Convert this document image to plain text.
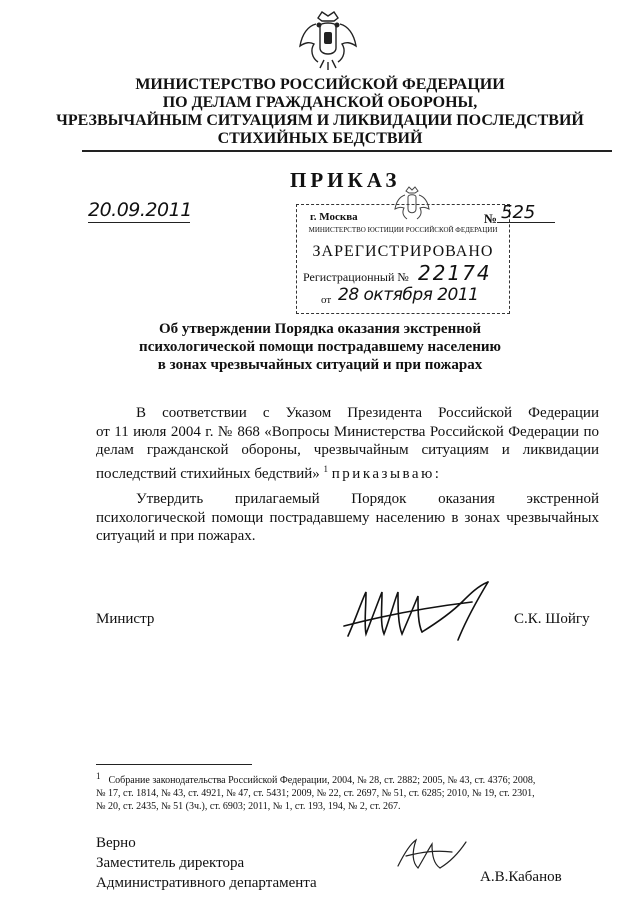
МИНИСТЕРСТВО РОССИЙСКОЙ ФЕДЕРАЦИИ
ПО ДЕЛАМ ГРАЖДАНСКОЙ ОБОРОНЫ,
ЧРЕЗВЫЧАЙНЫМ СИТУАЦИЯМ И ЛИКВИДАЦИИ ПОСЛЕДСТВИЙ
СТИХИЙНЫХ БЕДСТВИЙ
ПРИКАЗ
20.09.2011	г. Москва	№ 525
МИНИСТЕРСТВО ЮСТИЦИИ РОССИЙСКОЙ ФЕДЕРАЦИИ
ЗАРЕГИСТРИРОВАНО
Регистрационный № 22174
от 28 октября 2011
Об утверждении Порядка оказания экстренной
психологической помощи пострадавшему населению
в зонах чрезвычайных ситуаций и при пожарах
В соответствии с Указом Президента Российской Федерации
от 11 июля 2004 г. № 868 «Вопросы Министерства Российской Федерации по
делам гражданской обороны, чрезвычайным ситуациям и ликвидации
последствий стихийных бедствий» $^1$ приказываю:
Утвердить прилагаемый Порядок оказания экстренной
психологической помощи пострадавшему населению в зонах чрезвычайных
ситуаций и при пожарах.
Министр	С.К. Шойгу
$^1$ Собрание законодательства Российской Федерации, 2004, № 28, ст. 2882; 2005, № 43, ст. 4376; 2008,
№ 17, ст. 1814, № 43, ст. 4921, № 47, ст. 5431; 2009, № 22, ст. 2697, № 51, ст. 6285; 2010, № 19, ст. 2301,
№ 20, ст. 2435, № 51 (3ч.), ст. 6903; 2011, № 1, ст. 193, 194, № 2, ст. 267.
Верно
Заместитель директора
Административного департамента	А.В.Кабанов
